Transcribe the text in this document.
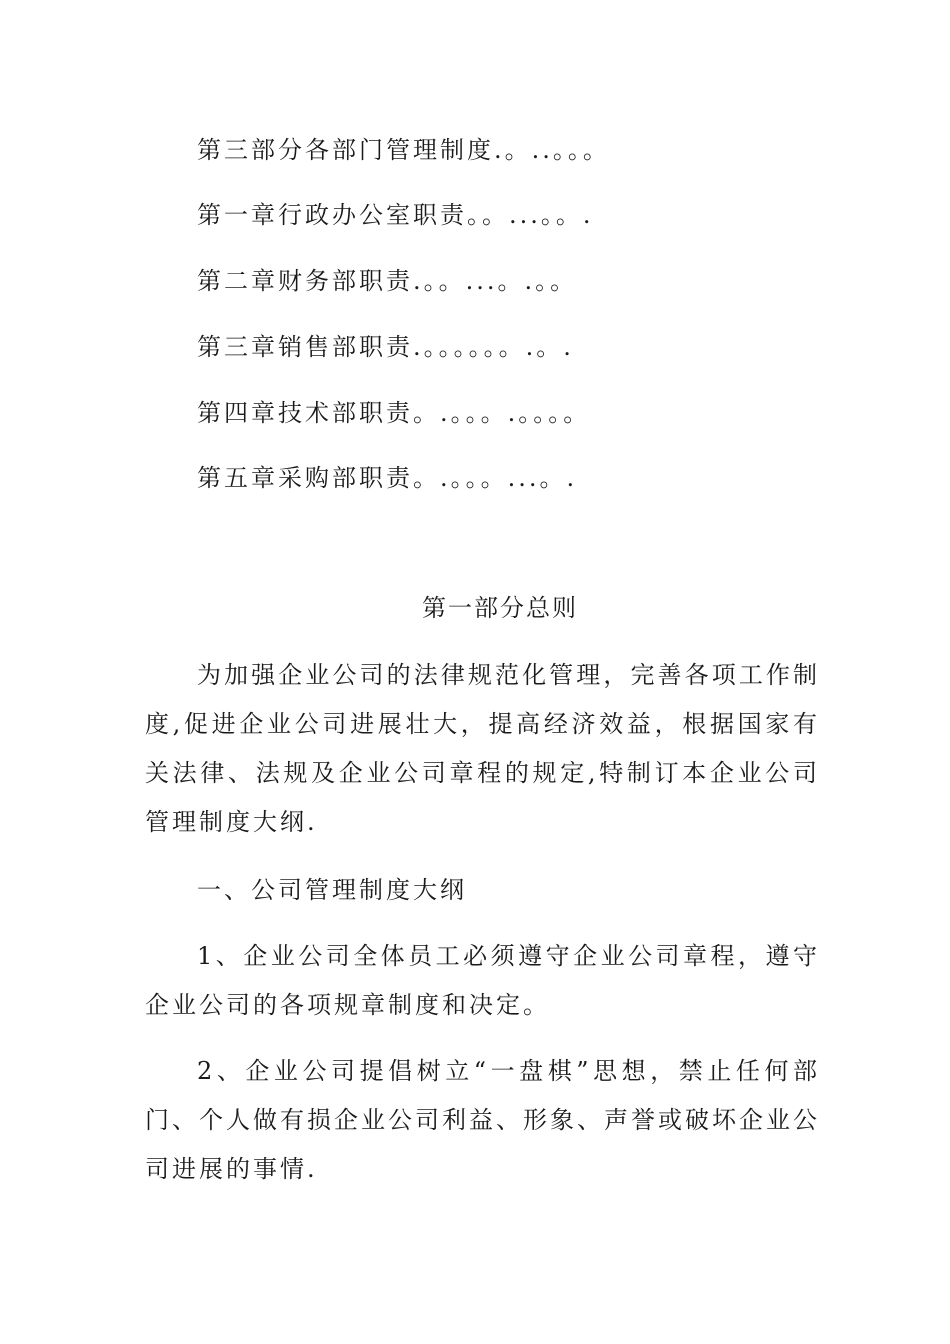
第三部分各部门管理制度.。..。。。
第一章行政办公室职责。。...。。.
第二章财务部职责.。。...。.。。
第三章销售部职责.。。。。。。.。.
第四章技术部职责。.。。。.。。。。
第五章采购部职责。.。。。...。.
第一部分总则
为加强企业公司的法律规范化管理，完善各项工作制度,促进企业公司进展壮大，提高经济效益，根据国家有关法律、法规及企业公司章程的规定,特制订本企业公司管理制度大纲.
一、公司管理制度大纲
1、企业公司全体员工必须遵守企业公司章程，遵守企业公司的各项规章制度和决定。
2、企业公司提倡树立“一盘棋”思想，禁止任何部门、个人做有损企业公司利益、形象、声誉或破坏企业公司进展的事情.
